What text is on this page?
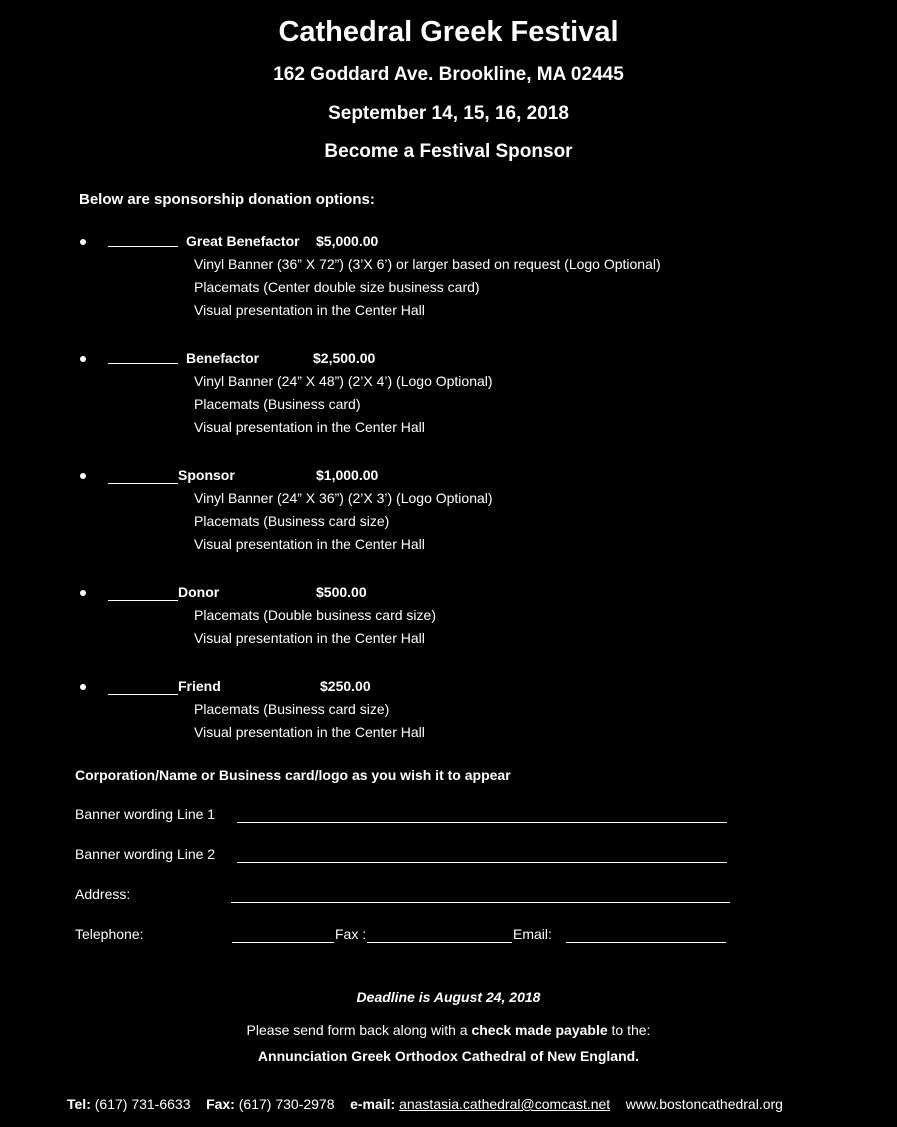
Cathedral Greek Festival
162 Goddard Ave. Brookline, MA 02445
September 14, 15, 16, 2018
Become a Festival Sponsor
Below are sponsorship donation options:
Great Benefactor $5,000.00
Vinyl Banner (36” X 72”) (3’X 6’) or larger based on request (Logo Optional)
Placemats (Center double size business card)
Visual presentation in the Center Hall
Benefactor	$2,500.00
Vinyl Banner (24” X 48”) (2’X 4’) (Logo Optional)
Placemats (Business card)
Visual presentation in the Center Hall
Sponsor	$1,000.00
Vinyl Banner (24” X 36”) (2’X 3’) (Logo Optional)
Placemats (Business card size)
Visual presentation in the Center Hall
Donor	$500.00
Placemats (Double business card size)
Visual presentation in the Center Hall
Friend	$250.00
Placemats (Business card size)
Visual presentation in the Center Hall
Corporation/Name or Business card/logo as you wish it to appear
Banner wording Line 1
Banner wording Line 2
Address:
Telephone:	Fax :	Email:
Deadline is August 24, 2018
Please send form back along with a check made payable to the:
Annunciation Greek Orthodox Cathedral of New England.
Tel: (617) 731-6633 Fax: (617) 730-2978 e-mail: anastasia.cathedral@comcast.net www.bostoncathedral.org
